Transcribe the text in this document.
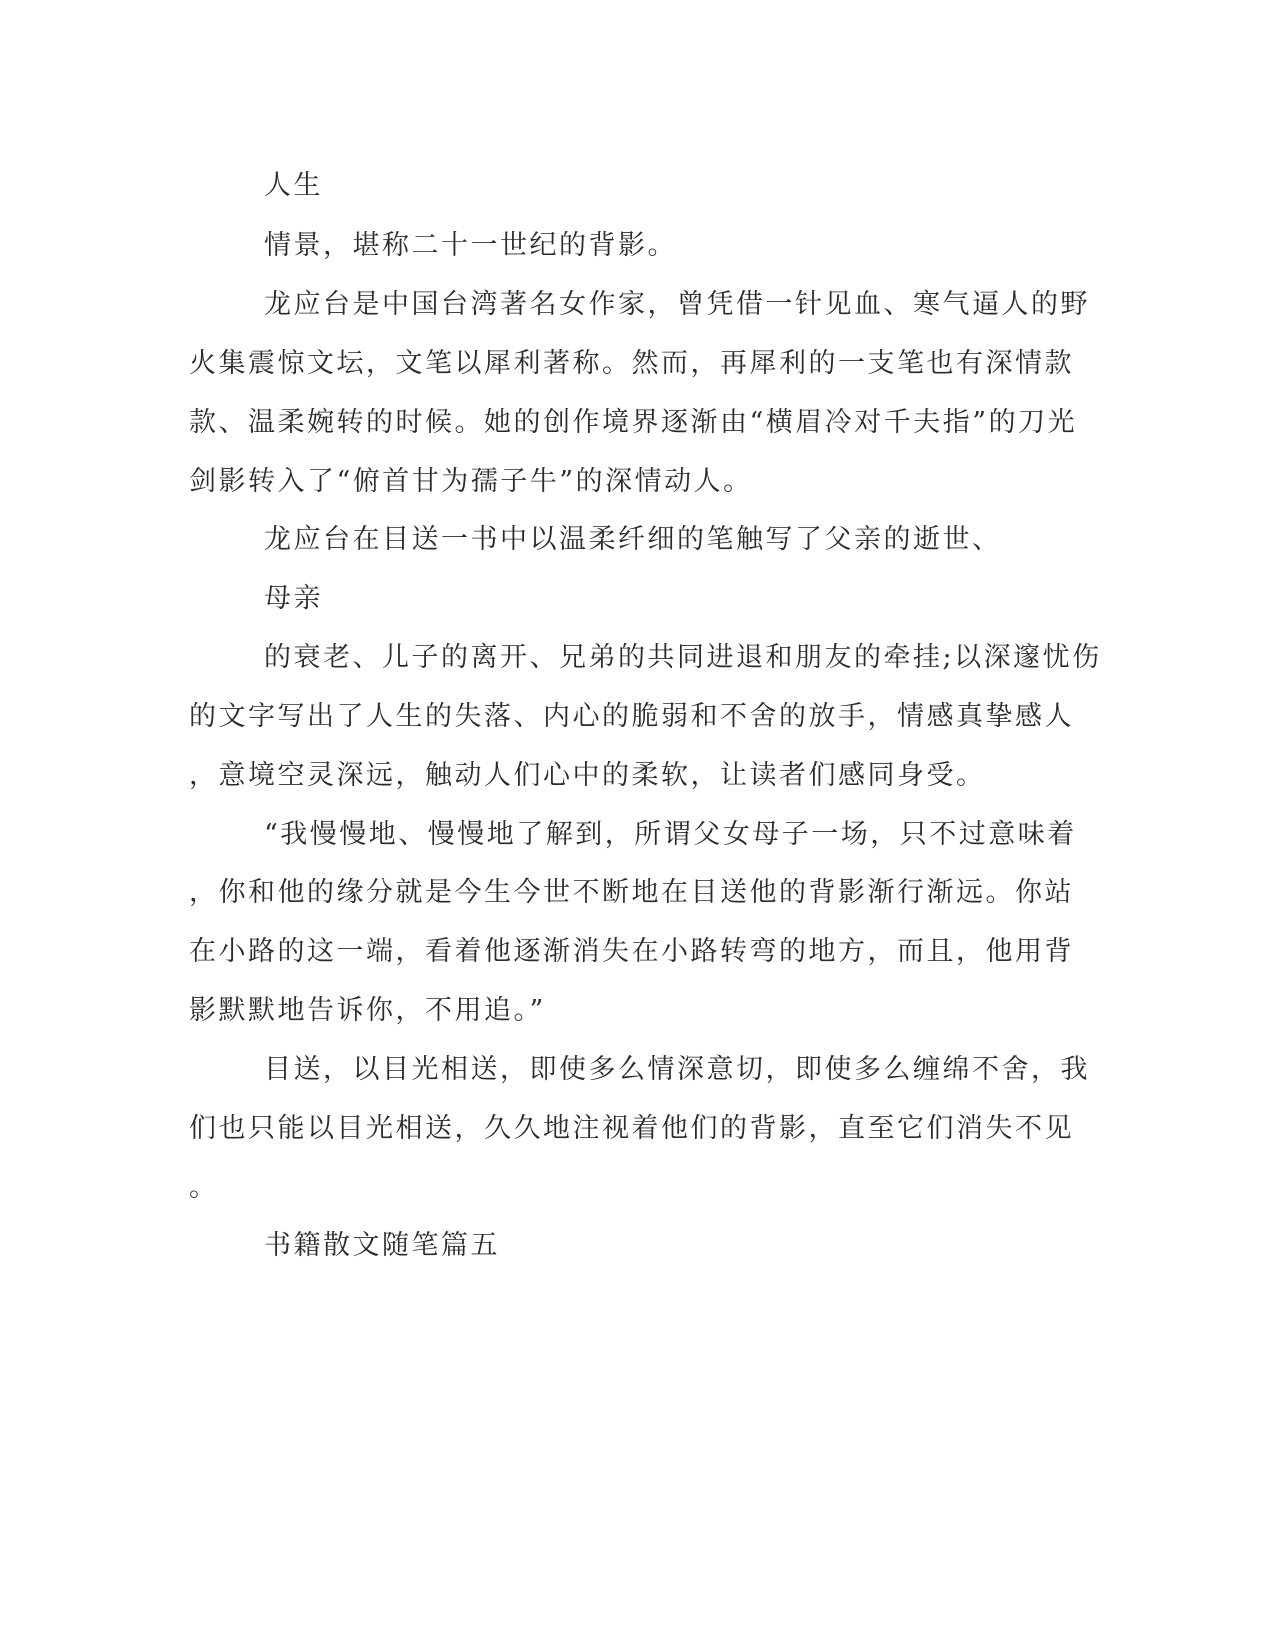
人生

情景，堪称二十一世纪的背影。

龙应台是中国台湾著名女作家，曾凭借一针见血、寒气逼人的野

火集震惊文坛，文笔以犀利著称。然而，再犀利的一支笔也有深情款

款、温柔婉转的时候。她的创作境界逐渐由“横眉冷对千夫指”的刀光

剑影转入了“俯首甘为孺子牛”的深情动人。

龙应台在目送一书中以温柔纤细的笔触写了父亲的逝世、

母亲

的衰老、儿子的离开、兄弟的共同进退和朋友的牵挂;以深邃忧伤

的文字写出了人生的失落、内心的脆弱和不舍的放手，情感真挚感人

，意境空灵深远，触动人们心中的柔软，让读者们感同身受。

“我慢慢地、慢慢地了解到，所谓父女母子一场，只不过意味着

，你和他的缘分就是今生今世不断地在目送他的背影渐行渐远。你站

在小路的这一端，看着他逐渐消失在小路转弯的地方，而且，他用背

影默默地告诉你，不用追。”

目送，以目光相送，即使多么情深意切，即使多么缠绵不舍，我

们也只能以目光相送，久久地注视着他们的背影，直至它们消失不见

。

书籍散文随笔篇五
